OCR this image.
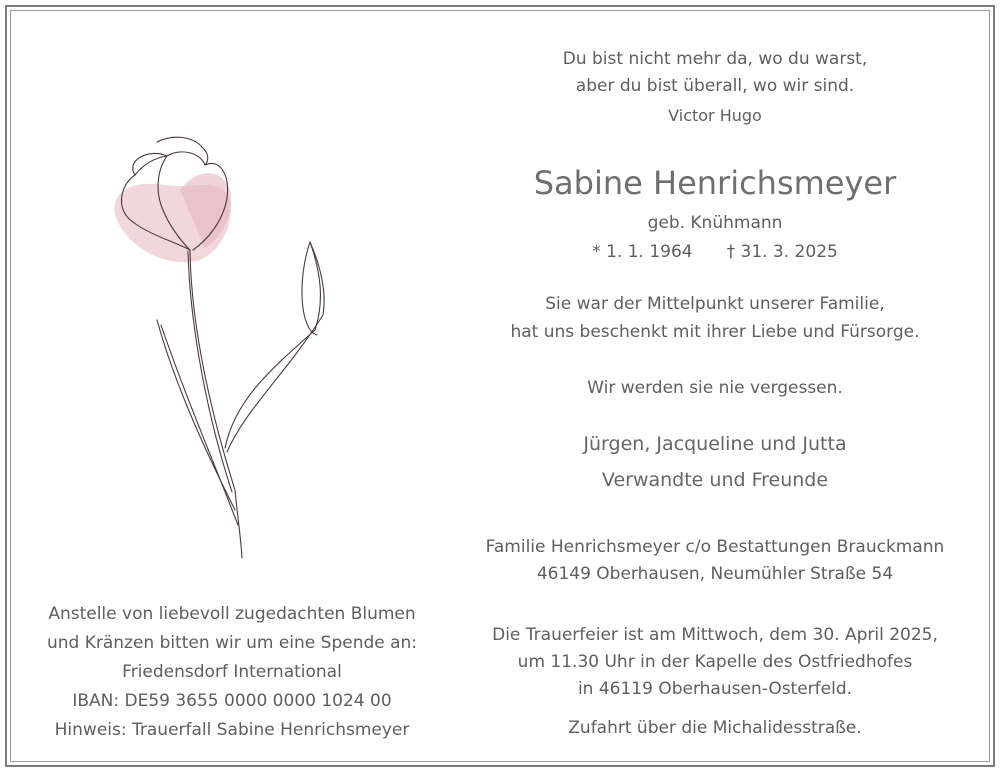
Du bist nicht mehr da, wo du warst,
aber du bist überall, wo wir sind.
Victor Hugo
Sabine Henrichsmeyer
geb. Knühmann
* 1. 1. 1964 † 31. 3. 2025
Sie war der Mittelpunkt unserer Familie,
hat uns beschenkt mit ihrer Liebe und Fürsorge.
Wir werden sie nie vergessen.
Jürgen, Jacqueline und Jutta
Verwandte und Freunde
Familie Henrichsmeyer c/o Bestattungen Brauckmann
46149 Oberhausen, Neumühler Straße 54
Die Trauerfeier ist am Mittwoch, dem 30. April 2025,
um 11.30 Uhr in der Kapelle des Ostfriedhofes
in 46119 Oberhausen-Osterfeld.
Zufahrt über die Michalidesstraße.
Anstelle von liebevoll zugedachten Blumen
und Kränzen bitten wir um eine Spende an:
Friedensdorf International
IBAN: DE59 3655 0000 0000 1024 00
Hinweis: Trauerfall Sabine Henrichsmeyer
